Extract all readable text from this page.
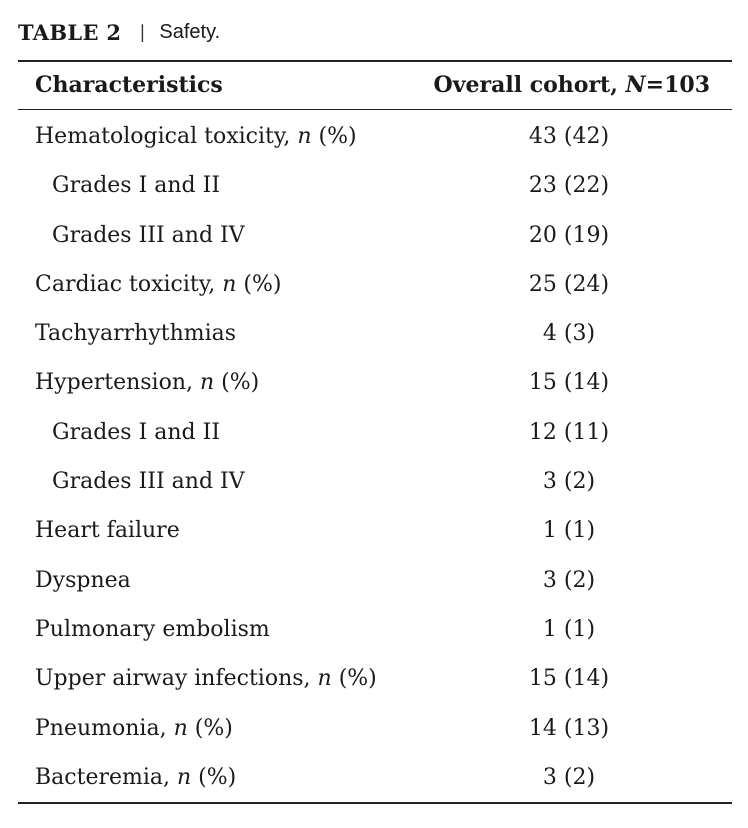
TABLE 2 | Safety.
Characteristics	Overall cohort, N=103
Hematological toxicity, n (%)	43 (42)
Grades I and II	23 (22)
Grades III and IV	20 (19)
Cardiac toxicity, n (%)	25 (24)
Tachyarrhythmias	4 (3)
Hypertension, n (%)	15 (14)
Grades I and II	12 (11)
Grades III and IV	3 (2)
Heart failure	1 (1)
Dyspnea	3 (2)
Pulmonary embolism	1 (1)
Upper airway infections, n (%)	15 (14)
Pneumonia, n (%)	14 (13)
Bacteremia, n (%)	3 (2)
